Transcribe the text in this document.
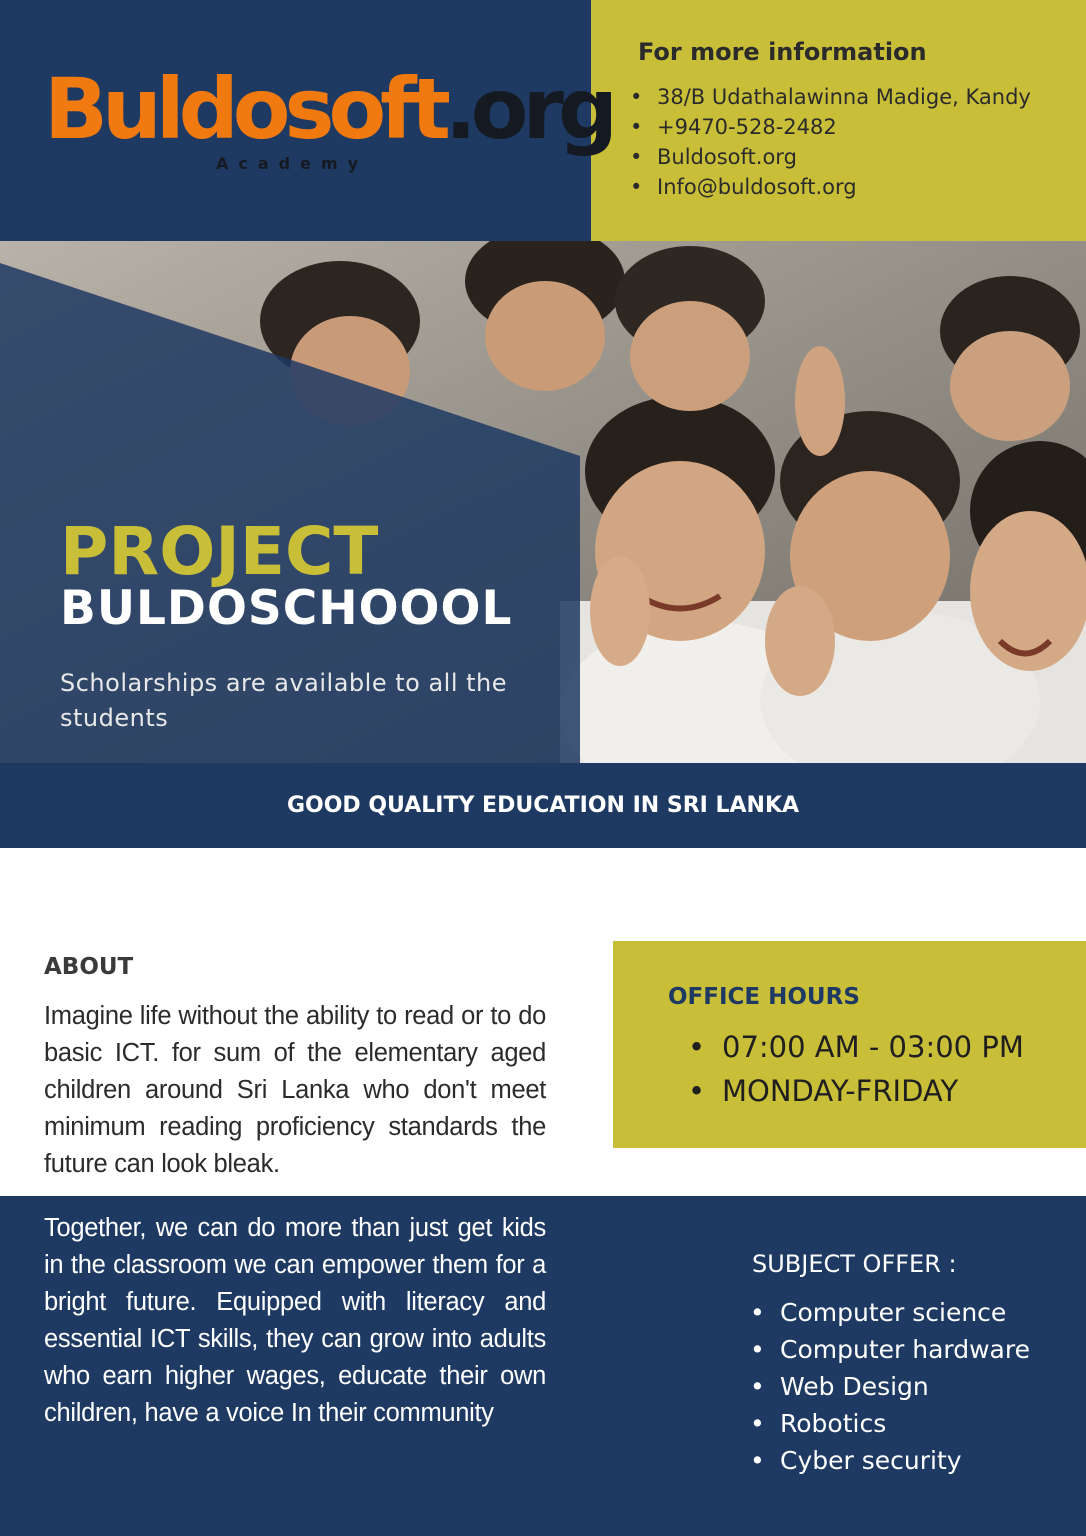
Buldosoft.org
Academy
For more information
• 38/B Udathalawinna Madige, Kandy
• +9470-528-2482
• Buldosoft.org
• Info@buldosoft.org
PROJECT
BULDOSCHOOOL
Scholarships are available to all the students
GOOD QUALITY EDUCATION IN SRI LANKA
ABOUT
Imagine life without the ability to read or to do basic ICT. for sum of the elementary aged children around Sri Lanka who don't meet minimum reading proficiency standards the future can look bleak.
OFFICE HOURS
• 07:00 AM - 03:00 PM
• MONDAY-FRIDAY
Together, we can do more than just get kids in the classroom we can empower them for a bright future. Equipped with literacy and essential ICT skills, they can grow into adults who earn higher wages, educate their own children, have a voice In their community
SUBJECT OFFER :
• Computer science
• Computer hardware
• Web Design
• Robotics
• Cyber security
